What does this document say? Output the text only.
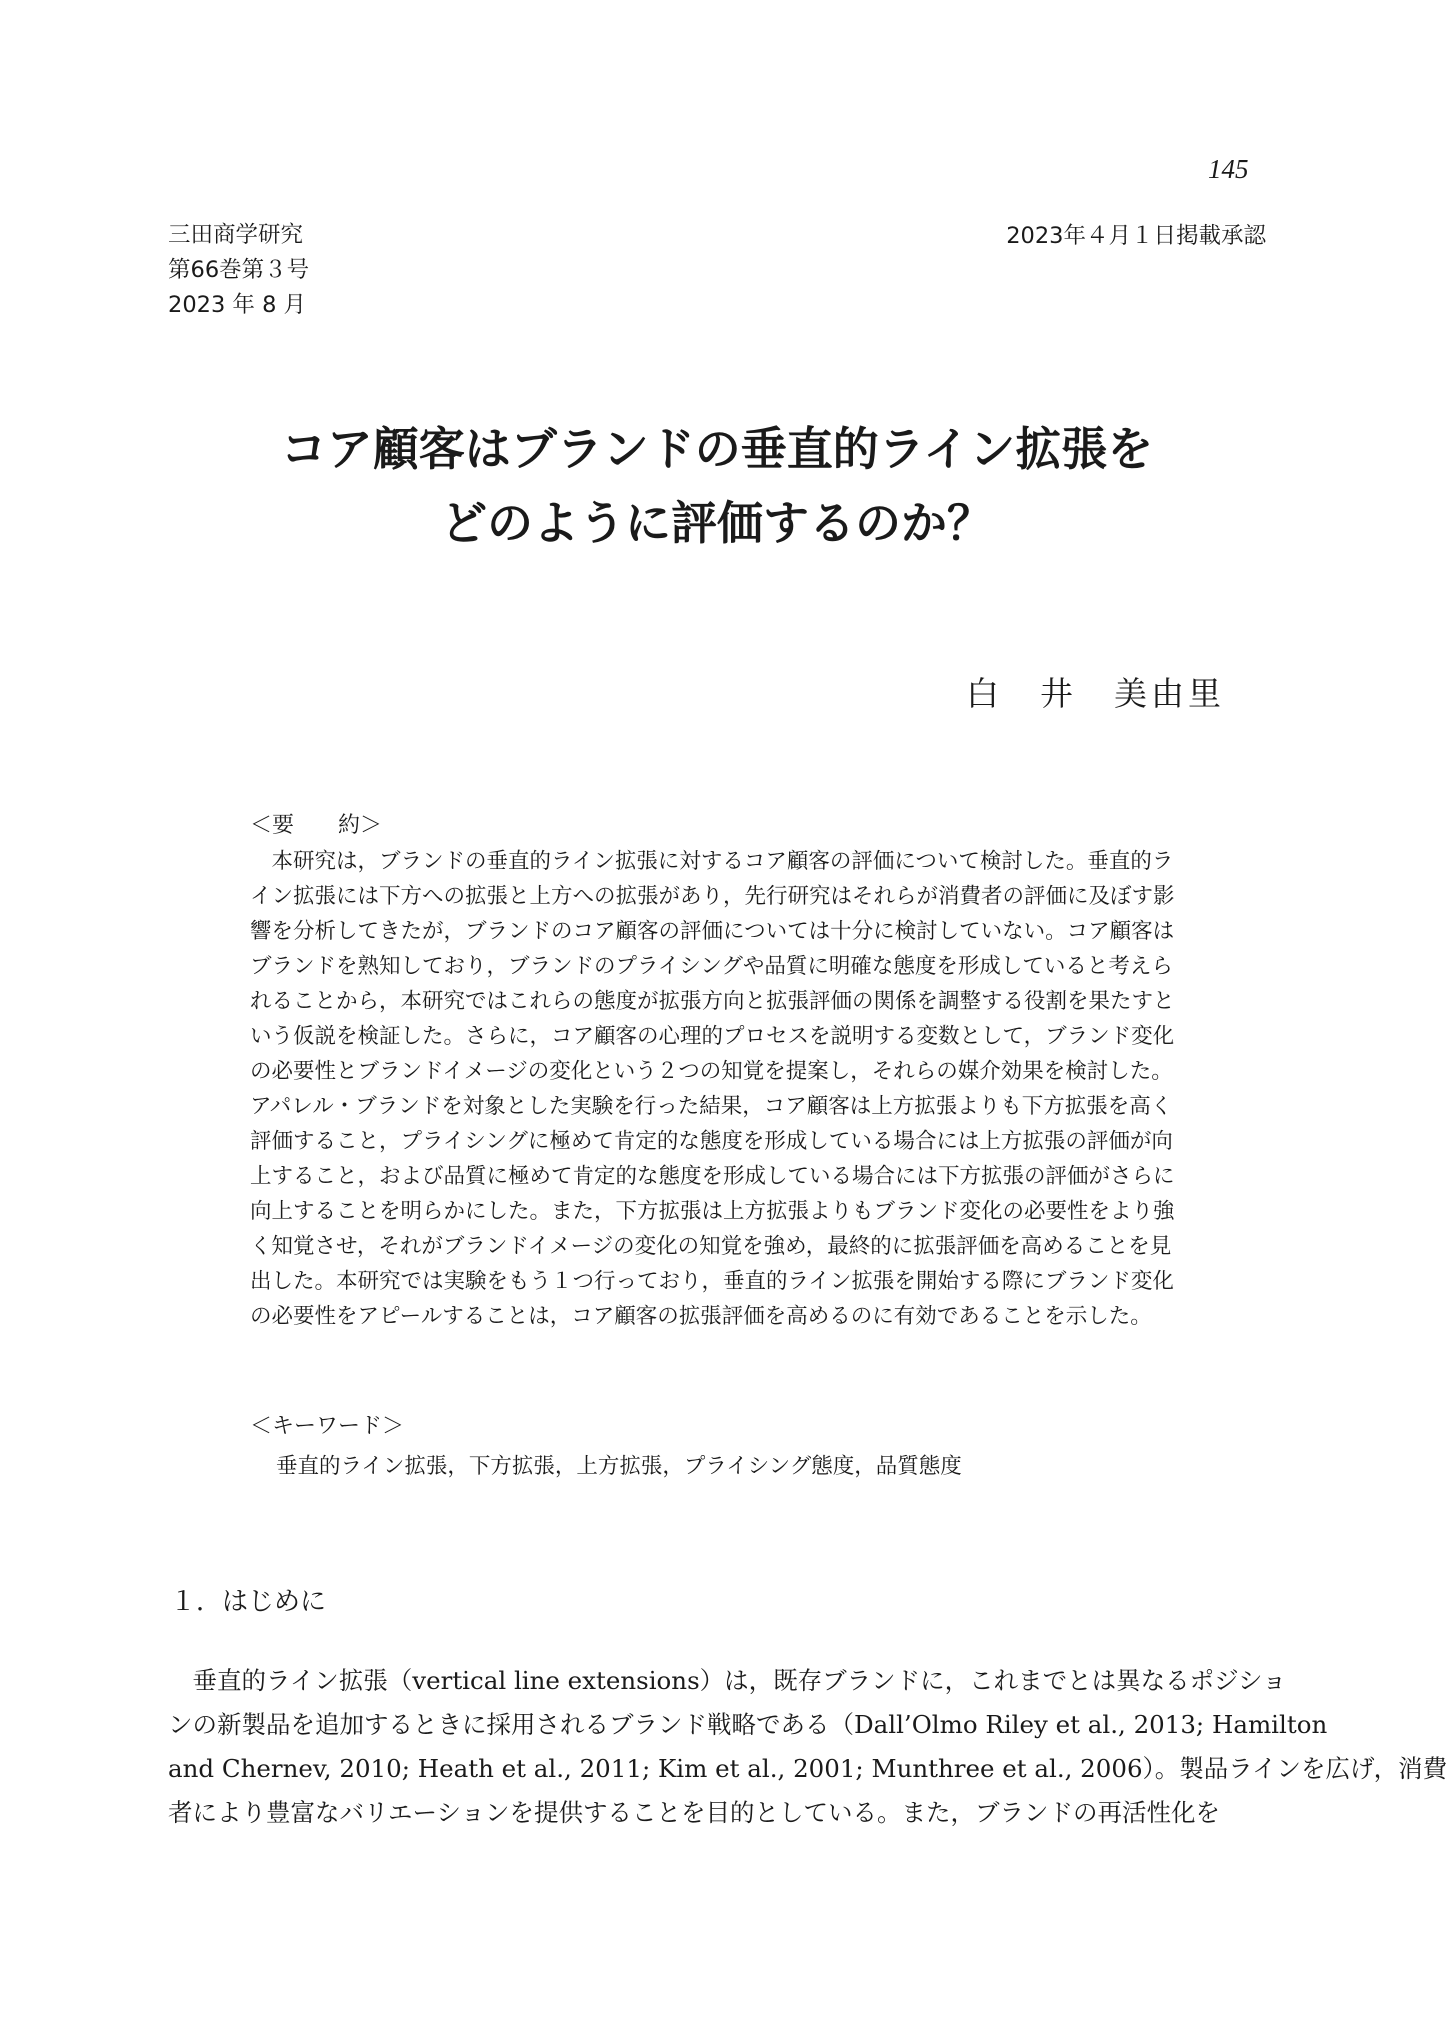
145
三田商学研究
第66巻第３号
2023 年 8 月
2023年４月１日掲載承認
コア顧客はブランドの垂直的ライン拡張を
どのように評価するのか？
白　井　美由里
＜要　　約＞
　本研究は，ブランドの垂直的ライン拡張に対するコア顧客の評価について検討した。垂直的ラ
イン拡張には下方への拡張と上方への拡張があり，先行研究はそれらが消費者の評価に及ぼす影
響を分析してきたが，ブランドのコア顧客の評価については十分に検討していない。コア顧客は
ブランドを熟知しており，ブランドのプライシングや品質に明確な態度を形成していると考えら
れることから，本研究ではこれらの態度が拡張方向と拡張評価の関係を調整する役割を果たすと
いう仮説を検証した。さらに，コア顧客の心理的プロセスを説明する変数として，ブランド変化
の必要性とブランドイメージの変化という２つの知覚を提案し，それらの媒介効果を検討した。
アパレル・ブランドを対象とした実験を行った結果，コア顧客は上方拡張よりも下方拡張を高く
評価すること，プライシングに極めて肯定的な態度を形成している場合には上方拡張の評価が向
上すること，および品質に極めて肯定的な態度を形成している場合には下方拡張の評価がさらに
向上することを明らかにした。また，下方拡張は上方拡張よりもブランド変化の必要性をより強
く知覚させ，それがブランドイメージの変化の知覚を強め，最終的に拡張評価を高めることを見
出した。本研究では実験をもう１つ行っており，垂直的ライン拡張を開始する際にブランド変化
の必要性をアピールすることは，コア顧客の拡張評価を高めるのに有効であることを示した。
＜キーワード＞
垂直的ライン拡張，下方拡張，上方拡張，プライシング態度，品質態度
１．はじめに
　垂直的ライン拡張（vertical line extensions）は，既存ブランドに，これまでとは異なるポジショ
ンの新製品を追加するときに採用されるブランド戦略である（Dall’Olmo Riley et al., 2013; Hamilton
and Chernev, 2010; Heath et al., 2011; Kim et al., 2001; Munthree et al., 2006）。製品ラインを広げ，消費
者により豊富なバリエーションを提供することを目的としている。また，ブランドの再活性化を
